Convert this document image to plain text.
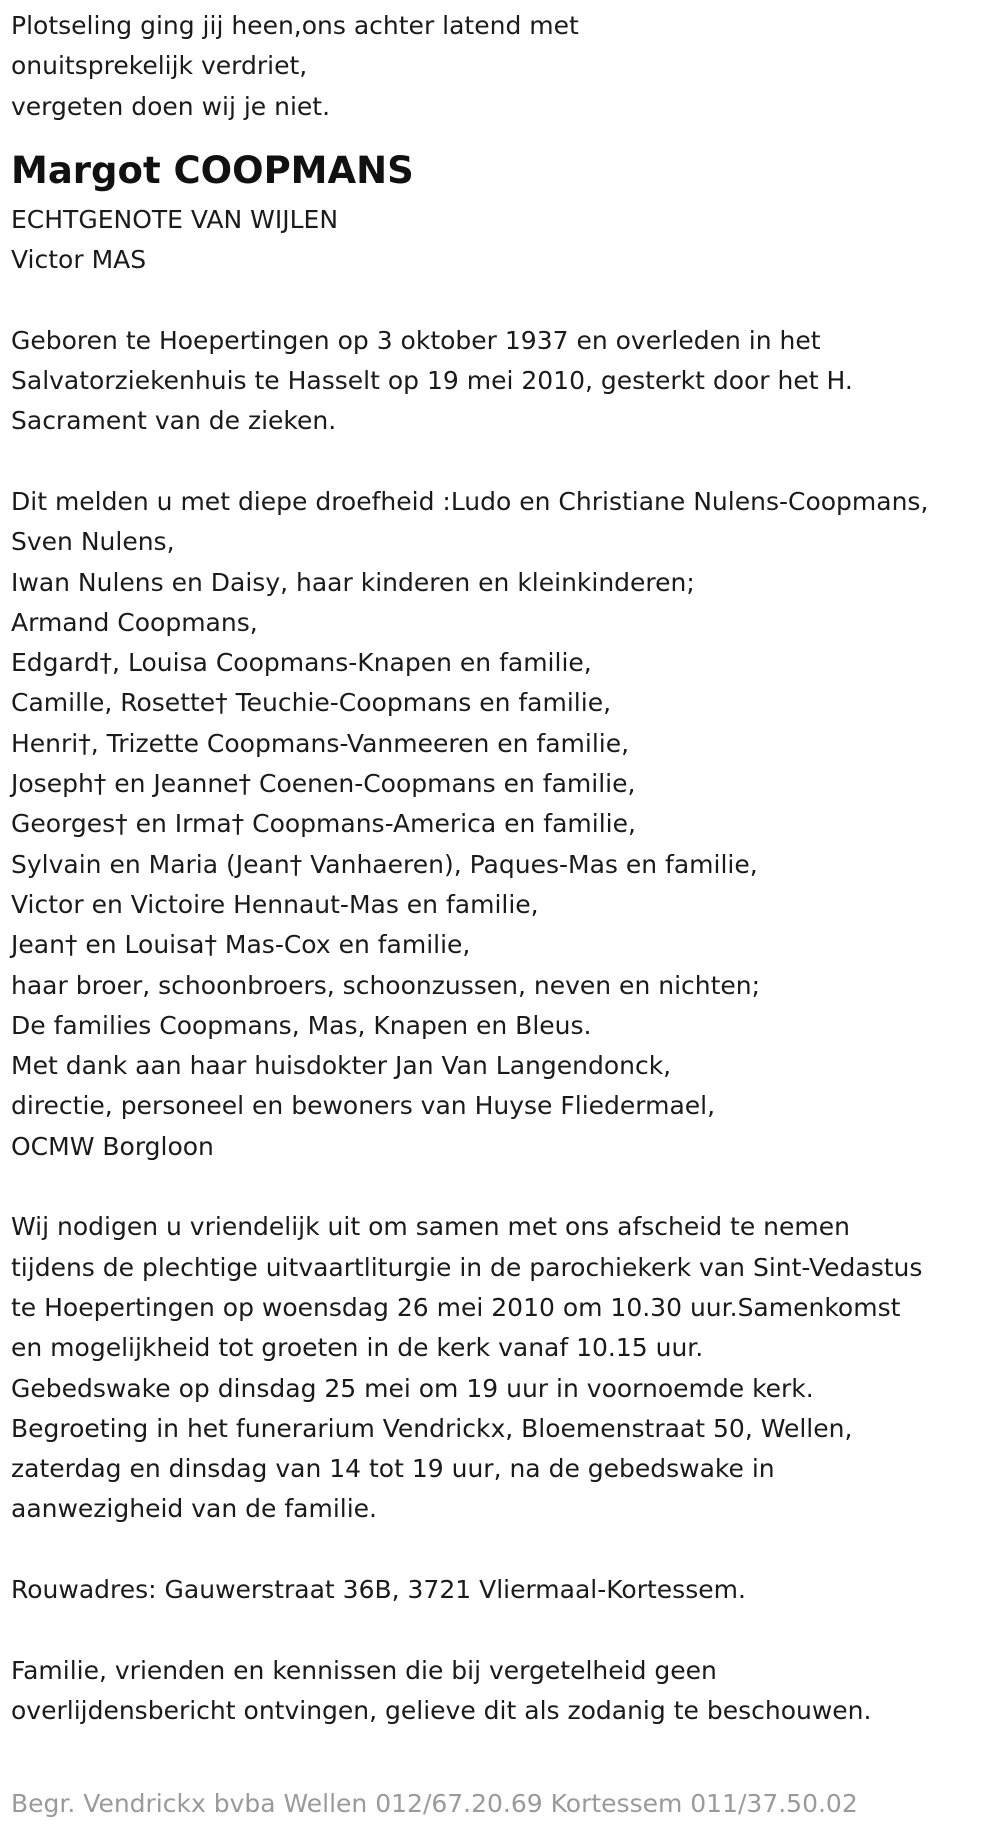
Plotseling ging jij heen,ons achter latend met

onuitsprekelijk verdriet,

vergeten doen wij je niet.

Margot COOPMANS

ECHTGENOTE VAN WIJLEN

Victor MAS

Geboren te Hoepertingen op 3 oktober 1937 en overleden in het

Salvatorziekenhuis te Hasselt op 19 mei 2010, gesterkt door het H.

Sacrament van de zieken.

Dit melden u met diepe droefheid :Ludo en Christiane Nulens-Coopmans,

Sven Nulens,

Iwan Nulens en Daisy, haar kinderen en kleinkinderen;

Armand Coopmans,

Edgard†, Louisa Coopmans-Knapen en familie,

Camille, Rosette† Teuchie-Coopmans en familie,

Henri†, Trizette Coopmans-Vanmeeren en familie,

Joseph† en Jeanne† Coenen-Coopmans en familie,

Georges† en Irma† Coopmans-America en familie,

Sylvain en Maria (Jean† Vanhaeren), Paques-Mas en familie,

Victor en Victoire Hennaut-Mas en familie,

Jean† en Louisa† Mas-Cox en familie,

haar broer, schoonbroers, schoonzussen, neven en nichten;

De families Coopmans, Mas, Knapen en Bleus.

Met dank aan haar huisdokter Jan Van Langendonck,

directie, personeel en bewoners van Huyse Fliedermael,

OCMW Borgloon

Wij nodigen u vriendelijk uit om samen met ons afscheid te nemen

tijdens de plechtige uitvaartliturgie in de parochiekerk van Sint-Vedastus

te Hoepertingen op woensdag 26 mei 2010 om 10.30 uur.Samenkomst

en mogelijkheid tot groeten in de kerk vanaf 10.15 uur.

Gebedswake op dinsdag 25 mei om 19 uur in voornoemde kerk.

Begroeting in het funerarium Vendrickx, Bloemenstraat 50, Wellen,

zaterdag en dinsdag van 14 tot 19 uur, na de gebedswake in

aanwezigheid van de familie.

Rouwadres: Gauwerstraat 36B, 3721 Vliermaal-Kortessem.

Familie, vrienden en kennissen die bij vergetelheid geen

overlijdensbericht ontvingen, gelieve dit als zodanig te beschouwen.

Begr. Vendrickx bvba Wellen 012/67.20.69 Kortessem 011/37.50.02
